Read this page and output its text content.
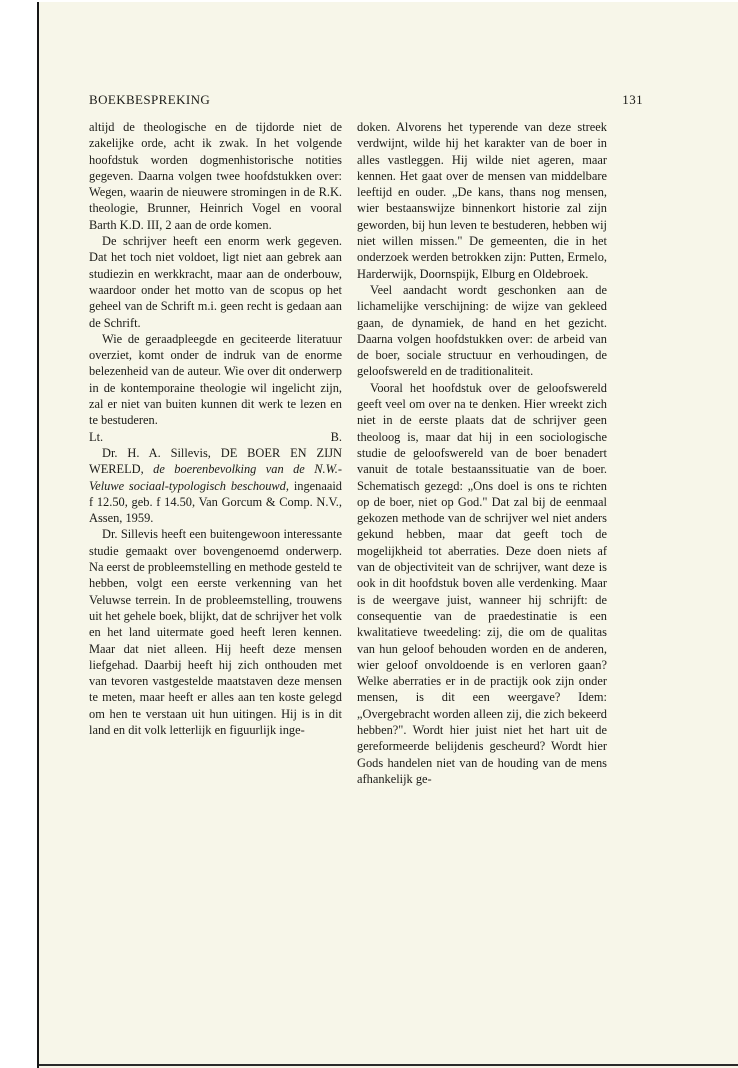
BOEKBESPREKING	131

altijd de theologische en de tijdorde niet de zakelijke orde, acht ik zwak. In het volgende hoofdstuk worden dogmenhistorische notities gegeven. Daarna volgen twee hoofdstukken over: Wegen, waarin de nieuwere stromingen in de R.K. theologie, Brunner, Heinrich Vogel en vooral Barth K.D. III, 2 aan de orde komen.

De schrijver heeft een enorm werk gegeven. Dat het toch niet voldoet, ligt niet aan gebrek aan studiezin en werkkracht, maar aan de onderbouw, waardoor onder het motto van de scopus op het geheel van de Schrift m.i. geen recht is gedaan aan de Schrift.

Wie de geraadpleegde en geciteerde literatuur overziet, komt onder de indruk van de enorme belezenheid van de auteur. Wie over dit onderwerp in de kontemporaine theologie wil ingelicht zijn, zal er niet van buiten kunnen dit werk te lezen en te bestuderen.

Lt.	B.

Dr. H. A. Sillevis, DE BOER EN ZIJN WERELD, de boerenbevolking van de N.W.-Veluwe sociaal-typologisch beschouwd, ingenaaid f 12.50, geb. f 14.50, Van Gorcum & Comp. N.V., Assen, 1959.

Dr. Sillevis heeft een buitengewoon interessante studie gemaakt over bovengenoemd onderwerp. Na eerst de probleemstelling en methode gesteld te hebben, volgt een eerste verkenning van het Veluwse terrein. In de probleemstelling, trouwens uit het gehele boek, blijkt, dat de schrijver het volk en het land uitermate goed heeft leren kennen. Maar dat niet alleen. Hij heeft deze mensen liefgehad. Daarbij heeft hij zich onthouden met van tevoren vastgestelde maatstaven deze mensen te meten, maar heeft er alles aan ten koste gelegd om hen te verstaan uit hun uitingen. Hij is in dit land en dit volk letterlijk en figuurlijk inge-

doken. Alvorens het typerende van deze streek verdwijnt, wilde hij het karakter van de boer in alles vastleggen. Hij wilde niet ageren, maar kennen. Het gaat over de mensen van middelbare leeftijd en ouder. „De kans, thans nog mensen, wier bestaanswijze binnenkort historie zal zijn geworden, bij hun leven te bestuderen, hebben wij niet willen missen." De gemeenten, die in het onderzoek werden betrokken zijn: Putten, Ermelo, Harderwijk, Doornspijk, Elburg en Oldebroek.

Veel aandacht wordt geschonken aan de lichamelijke verschijning: de wijze van gekleed gaan, de dynamiek, de hand en het gezicht. Daarna volgen hoofdstukken over: de arbeid van de boer, sociale structuur en verhoudingen, de geloofswereld en de traditionaliteit.

Vooral het hoofdstuk over de geloofswereld geeft veel om over na te denken. Hier wreekt zich niet in de eerste plaats dat de schrijver geen theoloog is, maar dat hij in een sociologische studie de geloofswereld van de boer benadert vanuit de totale bestaanssituatie van de boer. Schematisch gezegd: „Ons doel is ons te richten op de boer, niet op God." Dat zal bij de eenmaal gekozen methode van de schrijver wel niet anders gekund hebben, maar dat geeft toch de mogelijkheid tot aberraties. Deze doen niets af van de objectiviteit van de schrijver, want deze is ook in dit hoofdstuk boven alle verdenking. Maar is de weergave juist, wanneer hij schrijft: de consequentie van de praedestinatie is een kwalitatieve tweedeling: zij, die om de qualitas van hun geloof behouden worden en de anderen, wier geloof onvoldoende is en verloren gaan? Welke aberraties er in de practijk ook zijn onder mensen, is dit een weergave? Idem: „Overgebracht worden alleen zij, die zich bekeerd hebben?". Wordt hier juist niet het hart uit de gereformeerde belijdenis gescheurd? Wordt hier Gods handelen niet van de houding van de mens afhankelijk ge-
